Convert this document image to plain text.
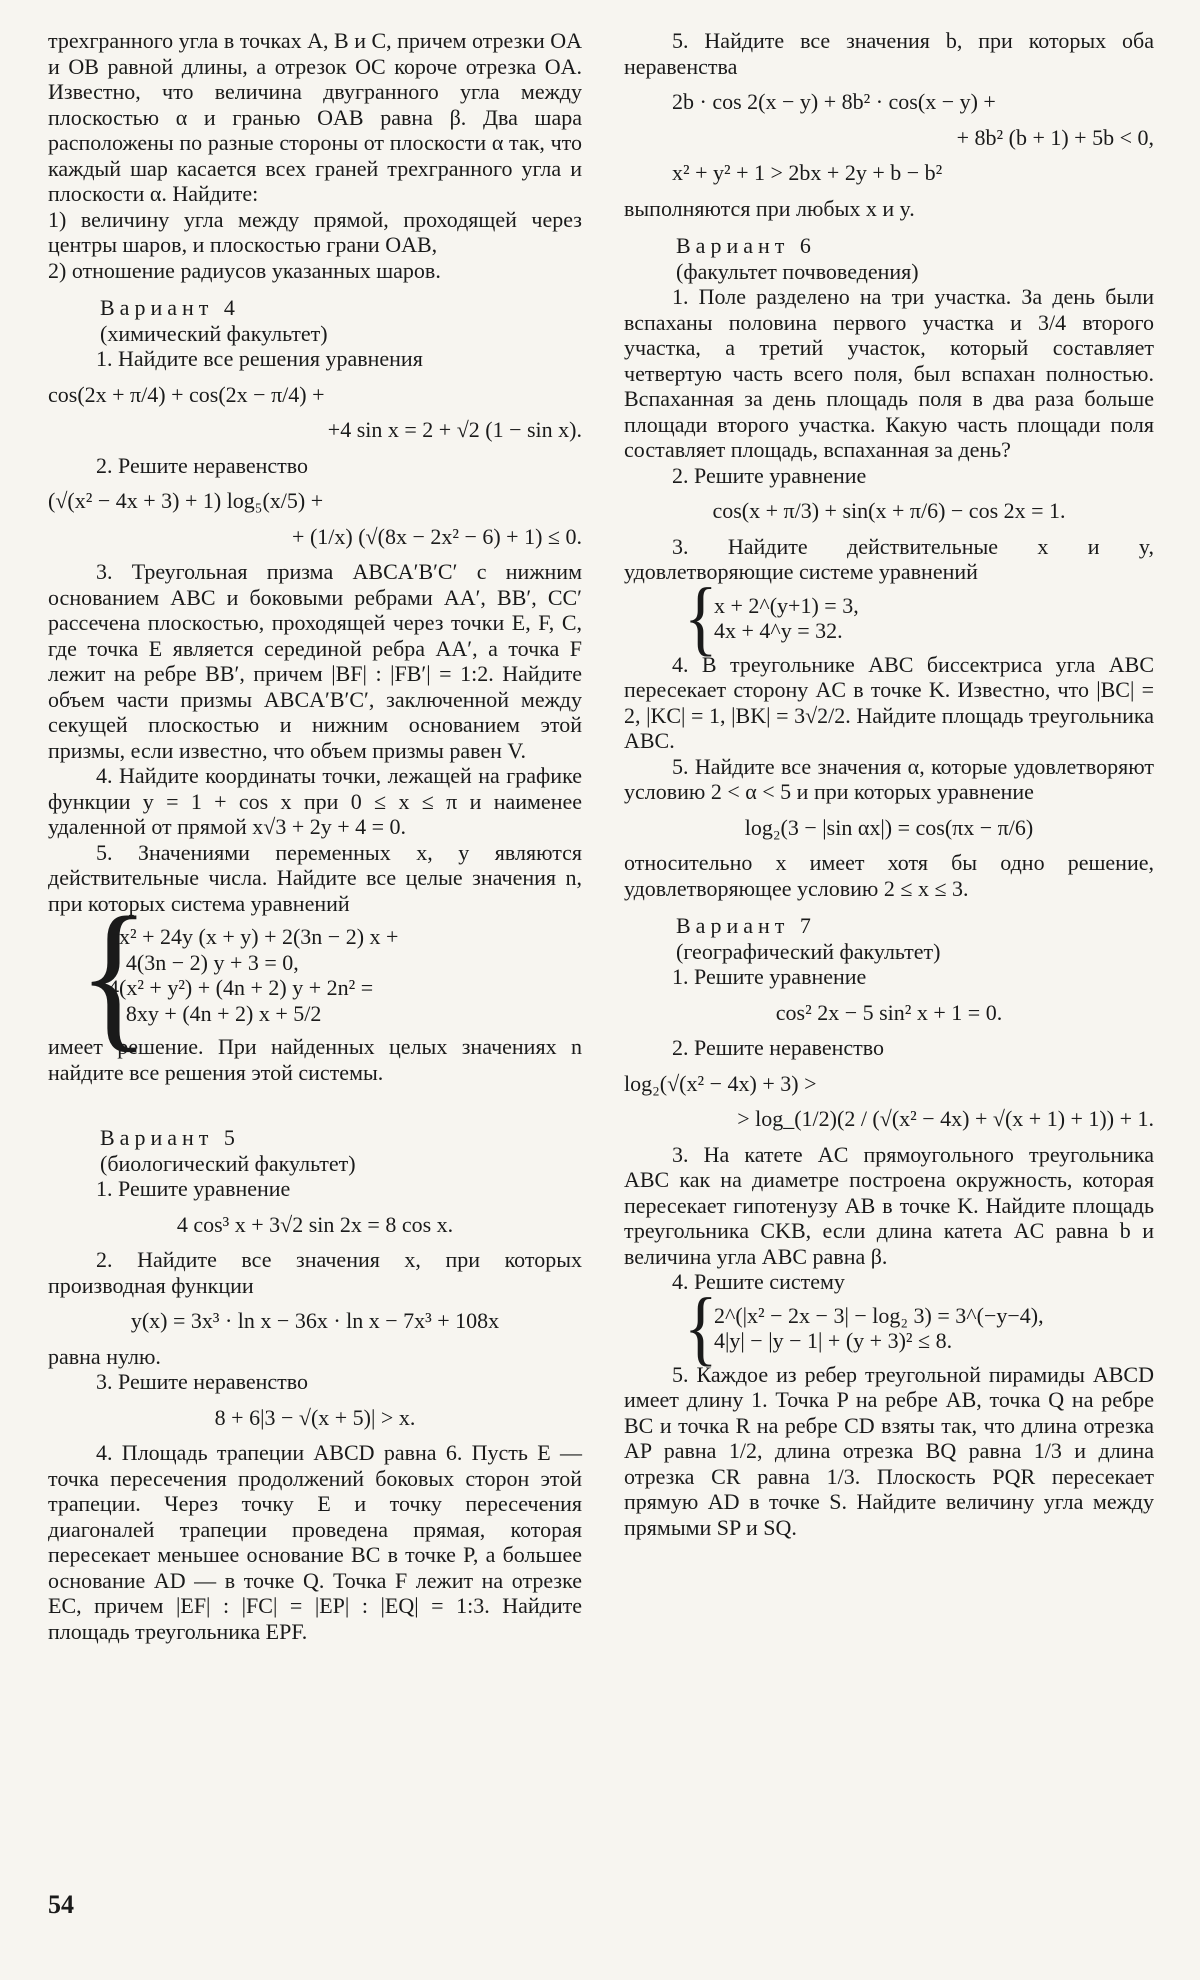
трехгранного угла в точках A, B и C, причем отрезки OA и OB равной длины, а отрезок OC короче отрезка OA. Известно, что величина двугранного угла между плоскостью α и гранью OAB равна β. Два шара расположены по разные стороны от плоскости α так, что каждый шар касается всех граней трехгранного угла и плоскости α. Найдите:

1) величину угла между прямой, проходящей через центры шаров, и плоскостью грани OAB,

2) отношение радиусов указанных шаров.

Вариант 4
(химический факультет)

1. Найдите все решения уравнения

cos(2x + π/4) + cos(2x − π/4) +
+4 sin x = 2 + √2 (1 − sin x).

2. Решите неравенство

(√(x² − 4x + 3) + 1) log₅(x/5) +
+ (1/x) (√(8x − 2x² − 6) + 1) ≤ 0.

3. Треугольная призма ABCA′B′C′ с нижним основанием ABC и боковыми ребрами AA′, BB′, CC′ рассечена плоскостью, проходящей через точки E, F, C, где точка E является серединой ребра AA′, а точка F лежит на ребре BB′, причем |BF| : |FB′| = 1:2. Найдите объем части призмы ABCA′B′C′, заключенной между секущей плоскостью и нижним основанием этой призмы, если известно, что объем призмы равен V.

4. Найдите координаты точки, лежащей на графике функции y = 1 + cos x при 0 ≤ x ≤ π и наименее удаленной от прямой x√3 + 2y + 4 = 0.

5. Значениями переменных x, y являются действительные числа. Найдите все целые значения n, при которых система уравнений

{
6x² + 24y (x + y) + 2(3n − 2) x +
+ 4(3n − 2) y + 3 = 0,
4(x² + y²) + (4n + 2) y + 2n² =
= 8xy + (4n + 2) x + 5/2

имеет решение. При найденных целых значениях n найдите все решения этой системы.

Вариант 5
(биологический факультет)

1. Решите уравнение

4 cos³ x + 3√2 sin 2x = 8 cos x.

2. Найдите все значения x, при которых производная функции

y(x) = 3x³ · ln x − 36x · ln x − 7x³ + 108x

равна нулю.

3. Решите неравенство

8 + 6|3 − √(x + 5)| > x.

4. Площадь трапеции ABCD равна 6. Пусть E — точка пересечения продолжений боковых сторон этой трапеции. Через точку E и точку пересечения диагоналей трапеции проведена прямая, которая пересекает меньшее основание BC в точке P, а большее основание AD — в точке Q. Точка F лежит на отрезке EC, причем |EF| : |FC| = |EP| : |EQ| = 1:3. Найдите площадь треугольника EPF.

5. Найдите все значения b, при которых оба неравенства

2b · cos 2(x − y) + 8b² · cos(x − y) +
+ 8b² (b + 1) + 5b < 0,
x² + y² + 1 > 2bx + 2y + b − b²

выполняются при любых x и y.

Вариант 6
(факультет почвоведения)

1. Поле разделено на три участка. За день были вспаханы половина первого участка и 3/4 второго участка, а третий участок, который составляет четвертую часть всего поля, был вспахан полностью. Вспаханная за день площадь поля в два раза больше площади второго участка. Какую часть площади поля составляет площадь, вспаханная за день?

2. Решите уравнение

cos(x + π/3) + sin(x + π/6) − cos 2x = 1.

3. Найдите действительные x и y, удовлетворяющие системе уравнений

{
x + 2^(y+1) = 3,
4x + 4^y = 32.

4. В треугольнике ABC биссектриса угла ABC пересекает сторону AC в точке K. Известно, что |BC| = 2, |KC| = 1, |BK| = 3√2/2. Найдите площадь треугольника ABC.

5. Найдите все значения α, которые удовлетворяют условию 2 < α < 5 и при которых уравнение

log₂(3 − |sin αx|) = cos(πx − π/6)

относительно x имеет хотя бы одно решение, удовлетворяющее условию 2 ≤ x ≤ 3.

Вариант 7
(географический факультет)

1. Решите уравнение

cos² 2x − 5 sin² x + 1 = 0.

2. Решите неравенство

log₂(√(x² − 4x) + 3) >
> log_(1/2)(2 / (√(x² − 4x) + √(x + 1) + 1)) + 1.

3. На катете AC прямоугольного треугольника ABC как на диаметре построена окружность, которая пересекает гипотенузу AB в точке K. Найдите площадь треугольника CKB, если длина катета AC равна b и величина угла ABC равна β.

4. Решите систему

{
2^(|x² − 2x − 3| − log₂ 3) = 3^(−y−4),
4|y| − |y − 1| + (y + 3)² ≤ 8.

5. Каждое из ребер треугольной пирамиды ABCD имеет длину 1. Точка P на ребре AB, точка Q на ребре BC и точка R на ребре CD взяты так, что длина отрезка AP равна 1/2, длина отрезка BQ равна 1/3 и длина отрезка CR равна 1/3. Плоскость PQR пересекает прямую AD в точке S. Найдите величину угла между прямыми SP и SQ.

54
